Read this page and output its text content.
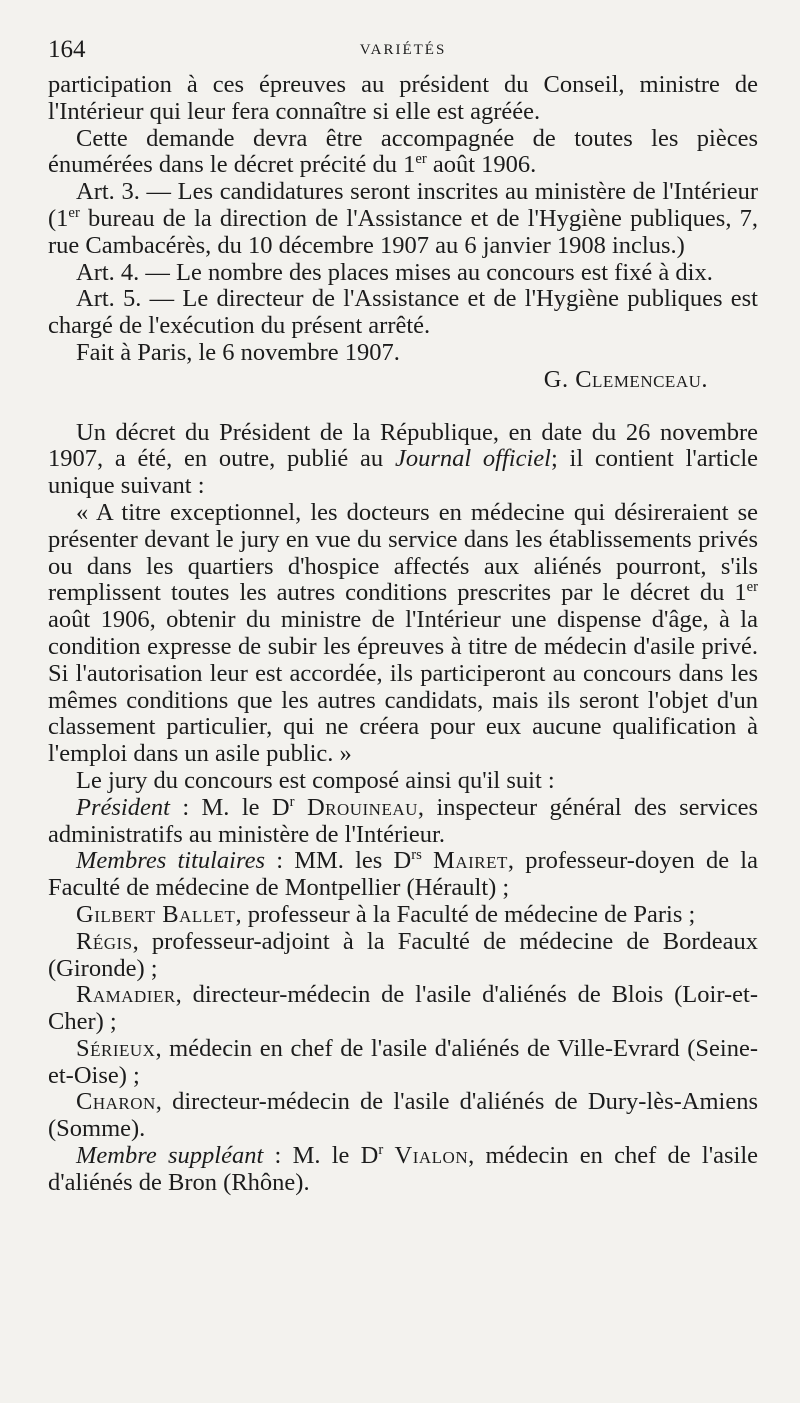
164	VARIÉTÉS

participation à ces épreuves au président du Conseil, ministre de l'Intérieur qui leur fera connaître si elle est agréée.

Cette demande devra être accompagnée de toutes les pièces énumérées dans le décret précité du 1er août 1906.

Art. 3. — Les candidatures seront inscrites au ministère de l'Intérieur (1er bureau de la direction de l'Assistance et de l'Hygiène publiques, 7, rue Cambacérès, du 10 décembre 1907 au 6 janvier 1908 inclus.)

Art. 4. — Le nombre des places mises au concours est fixé à dix.

Art. 5. — Le directeur de l'Assistance et de l'Hygiène publiques est chargé de l'exécution du présent arrêté.

Fait à Paris, le 6 novembre 1907.

G. Clemenceau.

Un décret du Président de la République, en date du 26 novembre 1907, a été, en outre, publié au Journal officiel; il contient l'article unique suivant :

« A titre exceptionnel, les docteurs en médecine qui désireraient se présenter devant le jury en vue du service dans les établissements privés ou dans les quartiers d'hospice affectés aux aliénés pourront, s'ils remplissent toutes les autres conditions prescrites par le décret du 1er août 1906, obtenir du ministre de l'Intérieur une dispense d'âge, à la condition expresse de subir les épreuves à titre de médecin d'asile privé. Si l'autorisation leur est accordée, ils participeront au concours dans les mêmes conditions que les autres candidats, mais ils seront l'objet d'un classement particulier, qui ne créera pour eux aucune qualification à l'emploi dans un asile public. »

Le jury du concours est composé ainsi qu'il suit :

Président : M. le $D^r$ Drouineau, inspecteur général des services administratifs au ministère de l'Intérieur.

Membres titulaires : MM. les $D^{rs}$ Mairet, professeur-doyen de la Faculté de médecine de Montpellier (Hérault) ;

Gilbert Ballet, professeur à la Faculté de médecine de Paris ;

Régis, professeur-adjoint à la Faculté de médecine de Bordeaux (Gironde) ;

Ramadier, directeur-médecin de l'asile d'aliénés de Blois (Loir-et-Cher) ;

Sérieux, médecin en chef de l'asile d'aliénés de Ville-Evrard (Seine-et-Oise) ;

Charon, directeur-médecin de l'asile d'aliénés de Dury-lès-Amiens (Somme).

Membre suppléant : M. le $D^r$ Vialon, médecin en chef de l'asile d'aliénés de Bron (Rhône).
